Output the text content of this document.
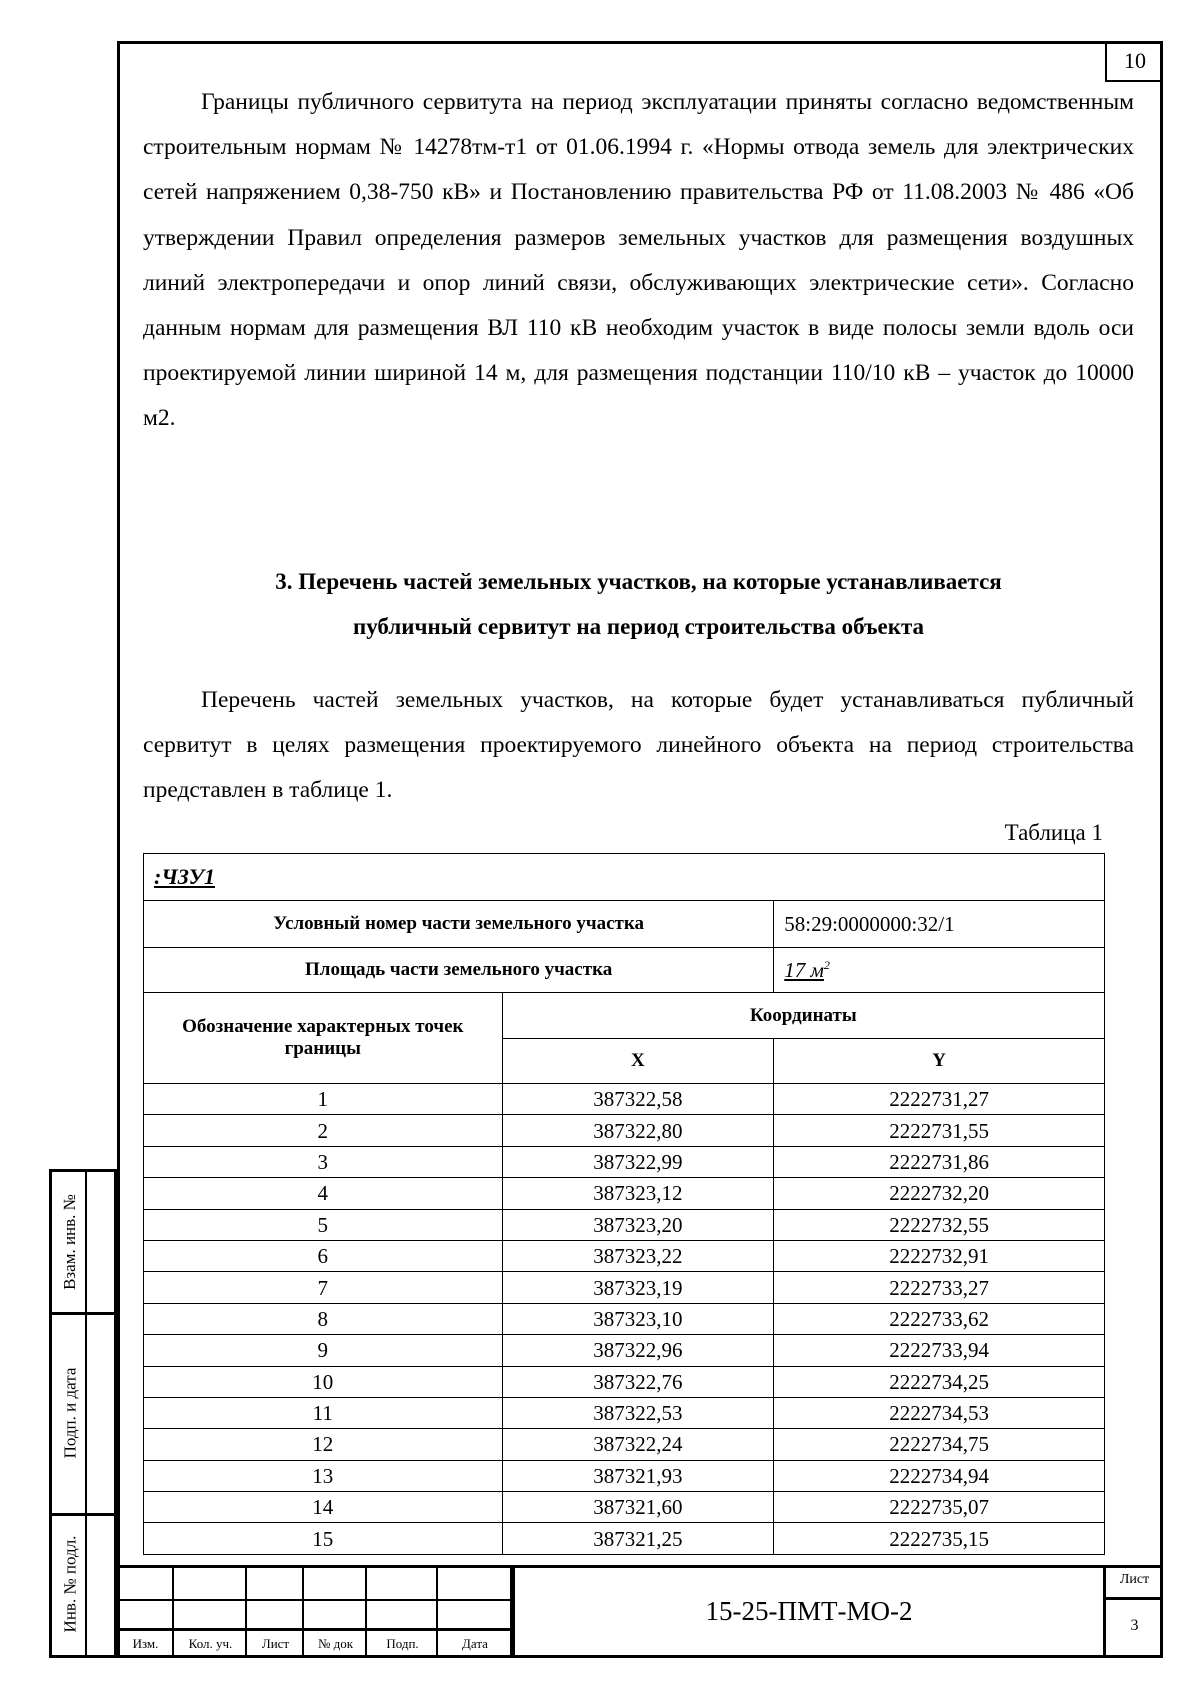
10

Границы публичного сервитута на период эксплуатации приняты согласно ведомственным строительным нормам № 14278тм-т1 от 01.06.1994 г. «Нормы отвода земель для электрических сетей напряжением 0,38-750 кВ» и Постановлению правительства РФ от 11.08.2003 № 486 «Об утверждении Правил определения размеров земельных участков для размещения воздушных линий электропередачи и опор линий связи, обслуживающих электрические сети». Согласно данным нормам для размещения ВЛ 110 кВ необходим участок в виде полосы земли вдоль оси проектируемой линии шириной 14 м, для размещения подстанции 110/10 кВ – участок до 10000 м2.

3. Перечень частей земельных участков, на которые устанавливается
публичный сервитут на период строительства объекта

Перечень частей земельных участков, на которые будет устанавливаться публичный сервитут в целях размещения проектируемого линейного объекта на период строительства представлен в таблице 1.

Таблица 1
:ЧЗУ1		
Условный номер части земельного участка		58:29:0000000:32/1
Площадь части земельного участка		17 $м^2$
Обозначение характерных точек границы	Координаты	
	X	Y
1	387322,58	2222731,27
2	387322,80	2222731,55
3	387322,99	2222731,86
4	387323,12	2222732,20
5	387323,20	2222732,55
6	387323,22	2222732,91
7	387323,19	2222733,27
8	387323,10	2222733,62
9	387322,96	2222733,94
10	387322,76	2222734,25
11	387322,53	2222734,53
12	387322,24	2222734,75
13	387321,93	2222734,94
14	387321,60	2222735,07
15	387321,25	2222735,15
Изм.	Кол. уч.	Лист	№ док	Подп.	Дата
15-25-ПМТ-МО-2
Лист
3
Взам. инв. №
Подп. и дата
Инв. № подл.
